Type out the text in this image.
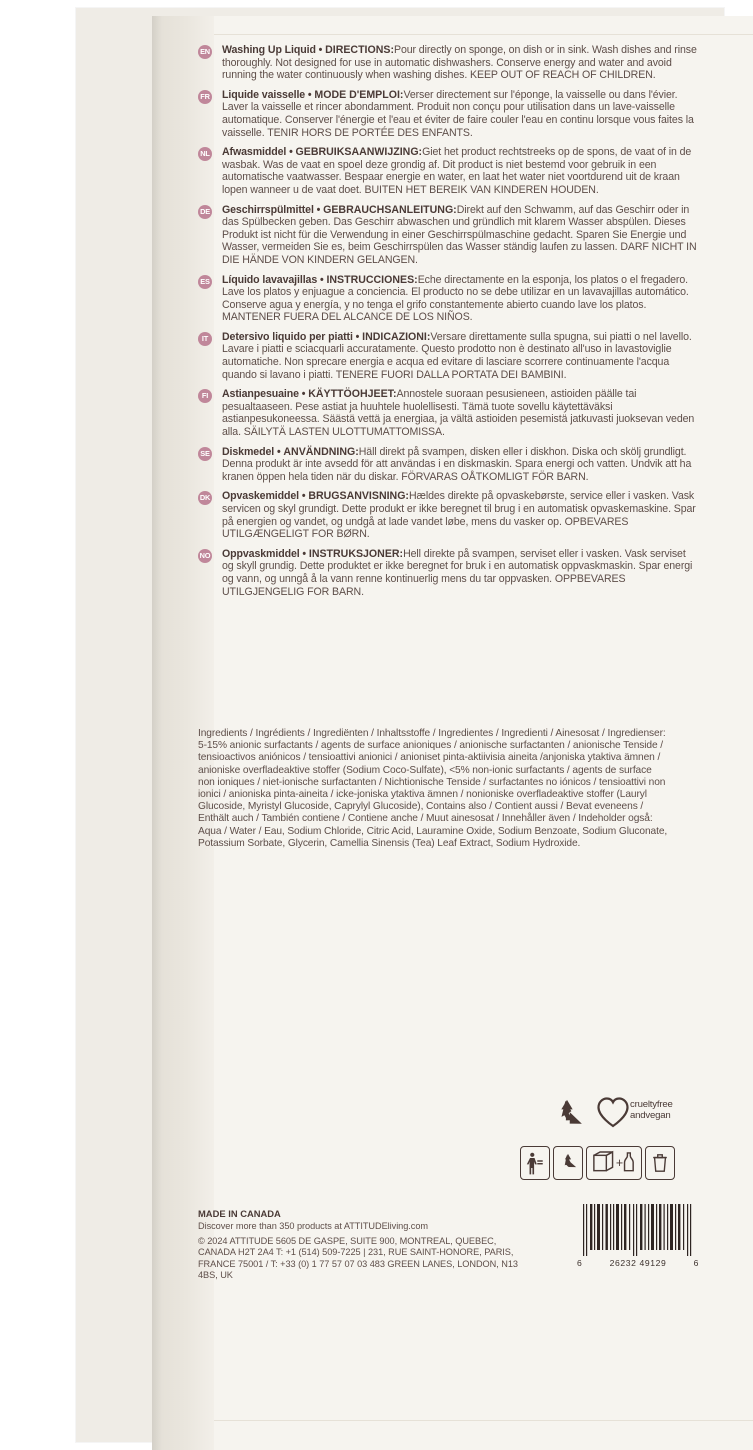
EN Washing Up Liquid • DIRECTIONS:Pour directly on sponge, on dish or in sink. Wash dishes and rinse thoroughly. Not designed for use in automatic dishwashers. Conserve energy and water and avoid running the water continuously when washing dishes. KEEP OUT OF REACH OF CHILDREN.
FR Liquide vaisselle • MODE D'EMPLOI:Verser directement sur l'éponge, la vaisselle ou dans l'évier. Laver la vaisselle et rincer abondamment. Produit non conçu pour utilisation dans un lave-vaisselle automatique. Conserver l'énergie et l'eau et éviter de faire couler l'eau en continu lorsque vous faites la vaisselle. TENIR HORS DE PORTÉE DES ENFANTS.
NL Afwasmiddel • GEBRUIKSAANWIJZING:Giet het product rechtstreeks op de spons, de vaat of in de wasbak. Was de vaat en spoel deze grondig af. Dit product is niet bestemd voor gebruik in een automatische vaatwasser. Bespaar energie en water, en laat het water niet voortdurend uit de kraan lopen wanneer u de vaat doet. BUITEN HET BEREIK VAN KINDEREN HOUDEN.
DE Geschirrspülmittel • GEBRAUCHSANLEITUNG:Direkt auf den Schwamm, auf das Geschirr oder in das Spülbecken geben. Das Geschirr abwaschen und gründlich mit klarem Wasser abspülen. Dieses Produkt ist nicht für die Verwendung in einer Geschirrspülmaschine gedacht. Sparen Sie Energie und Wasser, vermeiden Sie es, beim Geschirrspülen das Wasser ständig laufen zu lassen. DARF NICHT IN DIE HÄNDE VON KINDERN GELANGEN.
ES Líquido lavavajillas • INSTRUCCIONES:Eche directamente en la esponja, los platos o el fregadero. Lave los platos y enjuague a conciencia. El producto no se debe utilizar en un lavavajillas automático. Conserve agua y energía, y no tenga el grifo constantemente abierto cuando lave los platos. MANTENER FUERA DEL ALCANCE DE LOS NIÑOS.
IT	Detersivo liquido per piatti • INDICAZIONI:Versare direttamente sulla spugna, sui piatti o nel lavello. Lavare i piatti e sciacquarli accuratamente. Questo prodotto non è destinato all'uso in lavastoviglie automatiche. Non sprecare energia e acqua ed evitare di lasciare scorrere continuamente l'acqua quando si lavano i piatti. TENERE FUORI DALLA PORTATA DEI BAMBINI.
FI	Astianpesuaine • KÄYTTÖOHJEET:Annostele suoraan pesusieneen, astioiden päälle tai pesualtaaseen. Pese astiat ja huuhtele huolellisesti. Tämä tuote sovellu käytettäväksi astianpesukoneessa. Säästä vettä ja energiaa, ja vältä astioiden pesemistä jatkuvasti juoksevan veden alla. SÄILYTÄ LASTEN ULOTTUMATTOMISSA.
SE Diskmedel • ANVÄNDNING:Häll direkt på svampen, disken eller i diskhon. Diska och skölj grundligt. Denna produkt är inte avsedd för att användas i en diskmaskin. Spara energi och vatten. Undvik att ha kranen öppen hela tiden när du diskar. FÖRVARAS OÅTKOMLIGT FÖR BARN.
DK Opvaskemiddel • BRUGSANVISNING:Hældes direkte på opvaskebørste, service eller i vasken. Vask servicen og skyl grundigt. Dette produkt er ikke beregnet til brug i en automatisk opvaskemaskine. Spar på energien og vandet, og undgå at lade vandet løbe, mens du vasker op. OPBEVARES UTILGÆNGELIGT FOR BØRN.
NO Oppvaskmiddel • INSTRUKSJONER:Hell direkte på svampen, serviset eller i vasken. Vask serviset og skyll grundig. Dette produktet er ikke beregnet for bruk i en automatisk oppvaskmaskin. Spar energi og vann, og unngå å la vann renne kontinuerlig mens du tar oppvasken. OPPBEVARES UTILGJENGELIG FOR BARN.
Ingredients / Ingrédients / Ingrediënten / Inhaltsstoffe / Ingredientes / Ingredienti / Ainesosat / Ingredienser:
5-15% anionic surfactants / agents de surface anioniques / anionische surfactanten / anionische Tenside / tensioactivos aniónicos / tensioattivi anionici / anioniset pinta-aktiivisia aineita /anjoniska ytaktiva ämnen / anioniske overfladeaktive stoffer (Sodium Coco-Sulfate), <5% non-ionic surfactants / agents de surface non ioniques / niet-ionische surfactanten / Nichtionische Tenside / surfactantes no iónicos / tensioattivi non ionici / anioniska pinta-aineita / icke-joniska ytaktiva ämnen / nonioniske overfladeaktive stoffer (Lauryl Glucoside, Myristyl Glucoside, Caprylyl Glucoside), Contains also / Contient aussi / Bevat eveneens / Enthält auch / También contiene / Contiene anche / Muut ainesosat / Innehåller även / Indeholder også: Aqua / Water / Eau, Sodium Chloride, Citric Acid, Lauramine Oxide, Sodium Benzoate, Sodium Gluconate, Potassium Sorbate, Glycerin, Camellia Sinensis (Tea) Leaf Extract, Sodium Hydroxide.
crueltyfree
andvegan
+
6	26232 49129	6
MADE IN CANADA
Discover more than 350 products at ATTITUDEliving.com
© 2024 ATTITUDE 5605 DE GASPE, SUITE 900, MONTREAL, QUEBEC,
CANADA H2T 2A4 T: +1 (514) 509-7225 | 231, RUE SAINT-HONORE, PARIS,
FRANCE 75001 / T: +33 (0) 1 77 57 07 03 483 GREEN LANES, LONDON, N13 4BS, UK
